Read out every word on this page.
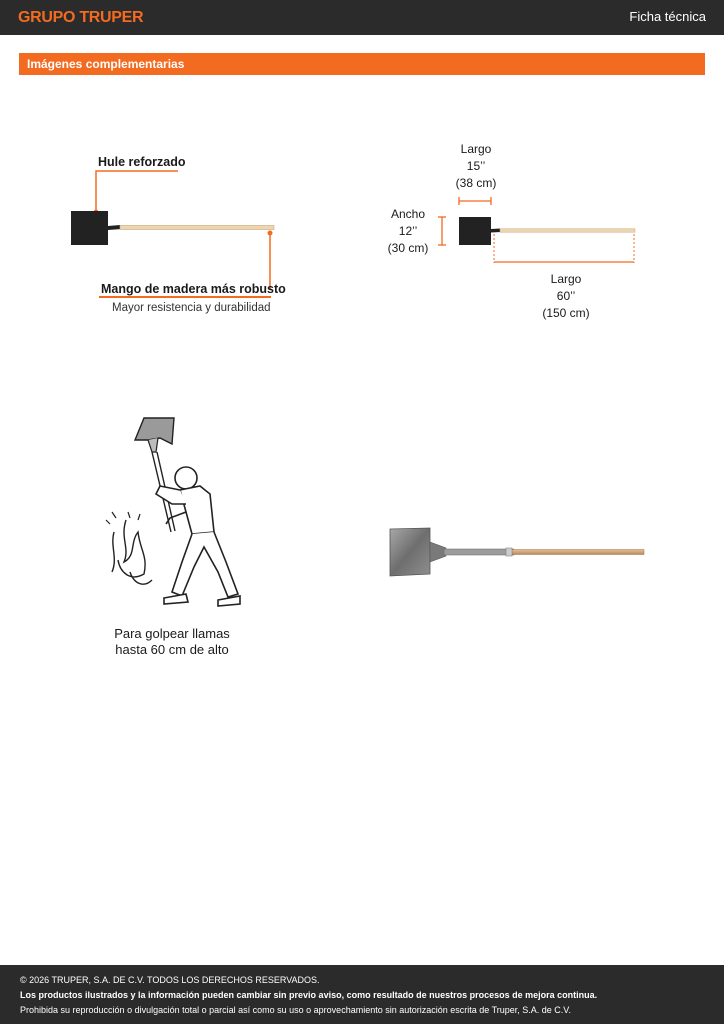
GRUPO TRUPER	Ficha técnica
Imágenes complementarias
Hule reforzado
Mango de madera más robusto
Mayor resistencia y durabilidad
Largo
15’’
(38 cm)
Ancho
12’’
(30 cm)
Largo
60’’
(150 cm)
Para golpear llamas
hasta 60 cm de alto
© 2026 TRUPER, S.A. DE C.V. TODOS LOS DERECHOS RESERVADOS.
Los productos ilustrados y la información pueden cambiar sin previo aviso, como resultado de nuestros procesos de mejora continua.
Prohibida su reproducción o divulgación total o parcial así como su uso o aprovechamiento sin autorización escrita de Truper, S.A. de C.V.
